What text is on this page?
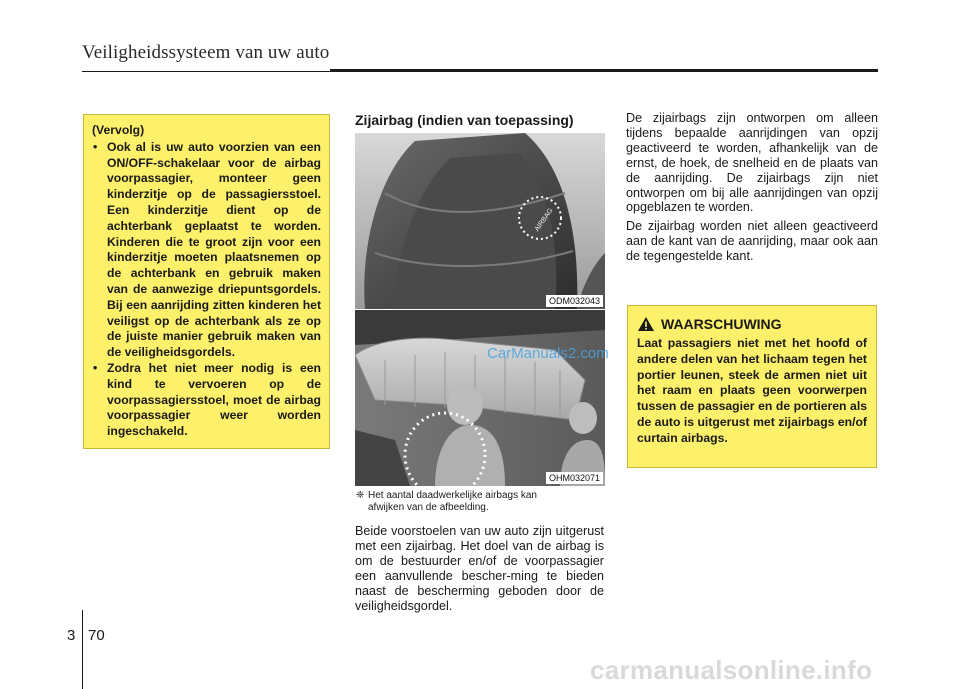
Veiligheidssysteem van uw auto
(Vervolg)
• Ook al is uw auto voorzien van een ON/OFF-schakelaar voor de airbag voorpassagier, monteer geen kinderzitje op de passagiersstoel. Een kinderzitje dient op de achterbank geplaatst te worden. Kinderen die te groot zijn voor een kinderzitje moeten plaatsnemen op de achterbank en gebruik maken van de aanwezige driepuntsgordels. Bij een aanrijding zitten kinderen het veiligst op de achterbank als ze op de juiste manier gebruik maken van de veiligheidsgordels.
• Zodra het niet meer nodig is een kind te vervoeren op de voorpassagiersstoel, moet de airbag voorpassagier weer worden ingeschakeld.
Zijairbag (indien van toepassing)
AIRBAG
ODM032043
OHM032071
CarManuals2.com
❈ Het aantal daadwerkelijke airbags kan
afwijken van de afbeelding.
Beide voorstoelen van uw auto zijn uitgerust met een zijairbag. Het doel van de airbag is om de bestuurder en/of de voorpassagier een aanvullende bescher-ming te bieden naast de bescherming geboden door de veiligheidsgordel.

De zijairbags zijn ontworpen om alleen tijdens bepaalde aanrijdingen van opzij geactiveerd te worden, afhankelijk van de ernst, de hoek, de snelheid en de plaats van de aanrijding. De zijairbags zijn niet ontworpen om bij alle aanrijdingen van opzij opgeblazen te worden.

De zijairbag worden niet alleen geactiveerd aan de kant van de aanrijding, maar ook aan de tegengestelde kant.

WAARSCHUWING
Laat passagiers niet met het hoofd of andere delen van het lichaam tegen het portier leunen, steek de armen niet uit het raam en plaats geen voorwerpen tussen de passagier en de portieren als de auto is uitgerust met zijairbags en/of curtain airbags.
3 70
carmanualsonline.info
